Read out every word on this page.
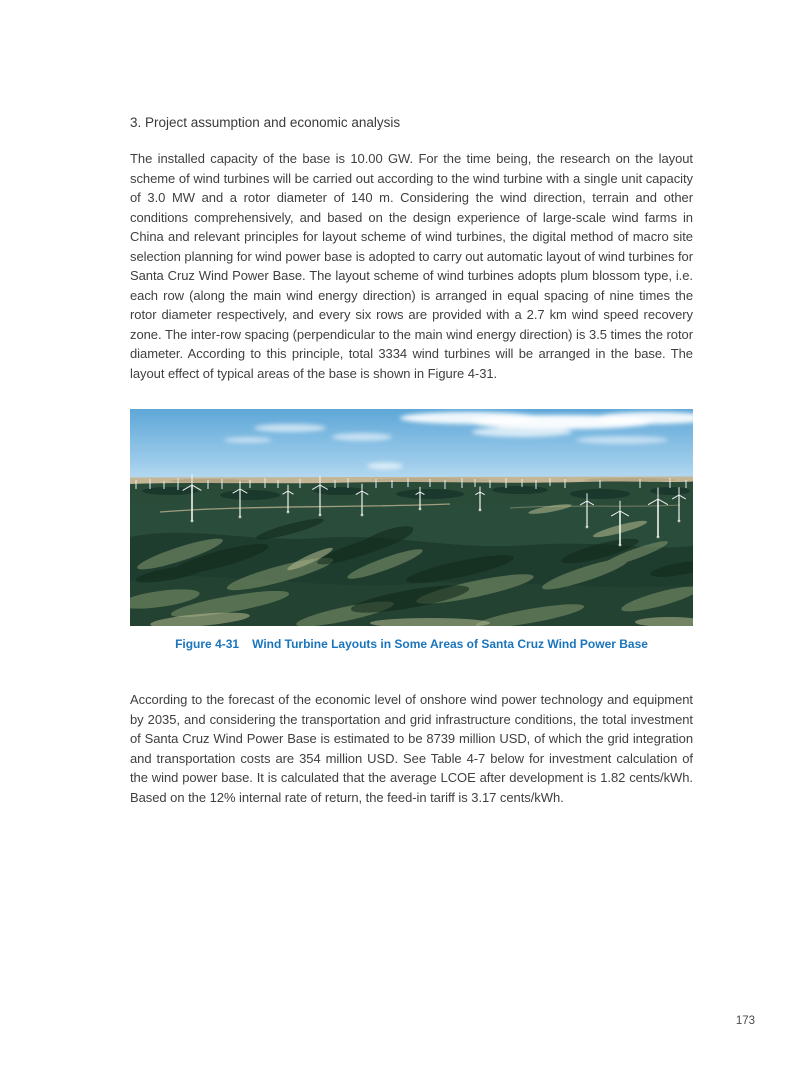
3. Project assumption and economic analysis

The installed capacity of the base is 10.00 GW. For the time being, the research on the layout scheme of wind turbines will be carried out according to the wind turbine with a single unit capacity of 3.0 MW and a rotor diameter of 140 m. Considering the wind direction, terrain and other conditions comprehensively, and based on the design experience of large-scale wind farms in China and relevant principles for layout scheme of wind turbines, the digital method of macro site selection planning for wind power base is adopted to carry out automatic layout of wind turbines for Santa Cruz Wind Power Base. The layout scheme of wind turbines adopts plum blossom type, i.e. each row (along the main wind energy direction) is arranged in equal spacing of nine times the rotor diameter respectively, and every six rows are provided with a 2.7 km wind speed recovery zone. The inter-row spacing (perpendicular to the main wind energy direction) is 3.5 times the rotor diameter. According to this principle, total 3334 wind turbines will be arranged in the base. The layout effect of typical areas of the base is shown in Figure 4-31.

Figure 4-31 Wind Turbine Layouts in Some Areas of Santa Cruz Wind Power Base

According to the forecast of the economic level of onshore wind power technology and equipment by 2035, and considering the transportation and grid infrastructure conditions, the total investment of Santa Cruz Wind Power Base is estimated to be 8739 million USD, of which the grid integration and transportation costs are 354 million USD. See Table 4-7 below for investment calculation of the wind power base. It is calculated that the average LCOE after development is 1.82 cents/kWh. Based on the 12% internal rate of return, the feed-in tariff is 3.17 cents/kWh.

173
